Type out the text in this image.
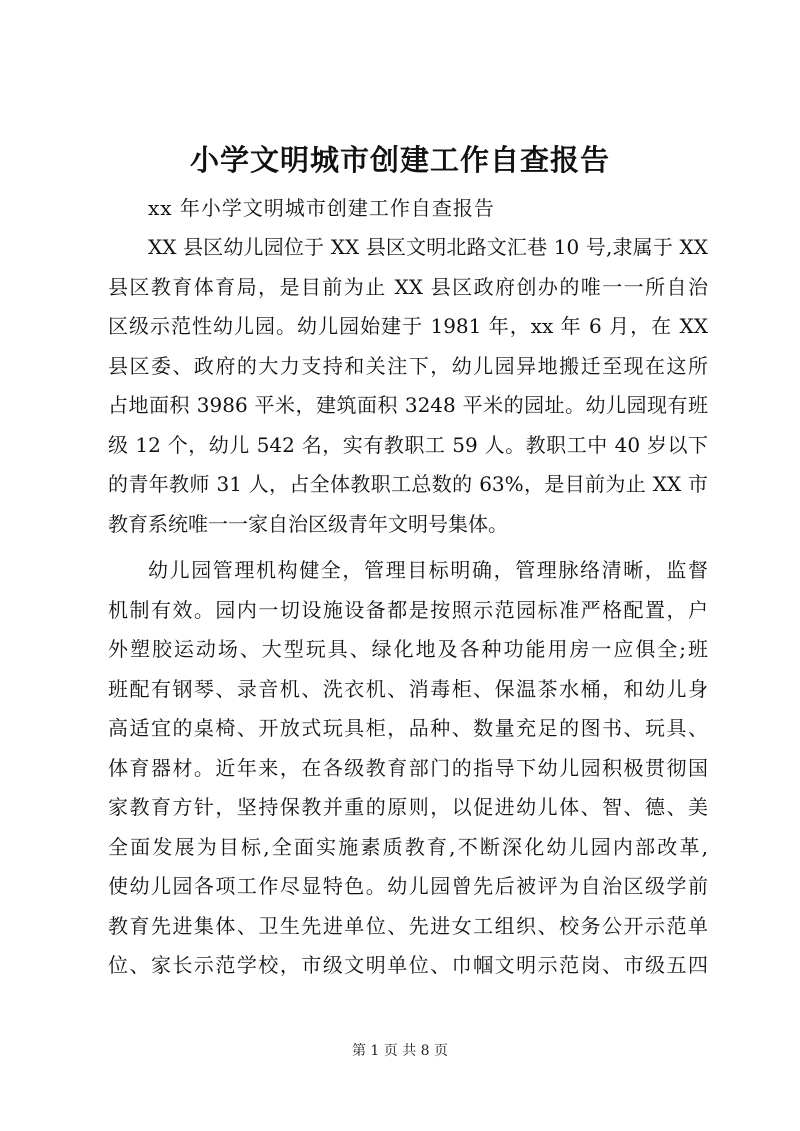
小学文明城市创建工作自查报告
xx 年小学文明城市创建工作自查报告
XX 县区幼儿园位于 XX 县区文明北路文汇巷 10 号,隶属于 XX
县区教育体育局，是目前为止 XX 县区政府创办的唯一一所自治
区级示范性幼儿园。幼儿园始建于 1981 年，xx 年 6 月，在 XX
县区委、政府的大力支持和关注下，幼儿园异地搬迁至现在这所
占地面积 3986 平米，建筑面积 3248 平米的园址。幼儿园现有班
级 12 个，幼儿 542 名，实有教职工 59 人。教职工中 40 岁以下
的青年教师 31 人，占全体教职工总数的 63%，是目前为止 XX 市
教育系统唯一一家自治区级青年文明号集体。
幼儿园管理机构健全，管理目标明确，管理脉络清晰，监督
机制有效。园内一切设施设备都是按照示范园标准严格配置，户
外塑胶运动场、大型玩具、绿化地及各种功能用房一应俱全;班
班配有钢琴、录音机、洗衣机、消毒柜、保温茶水桶，和幼儿身
高适宜的桌椅、开放式玩具柜，品种、数量充足的图书、玩具、
体育器材。近年来，在各级教育部门的指导下幼儿园积极贯彻国
家教育方针，坚持保教并重的原则，以促进幼儿体、智、德、美
全面发展为目标,全面实施素质教育,不断深化幼儿园内部改革,
使幼儿园各项工作尽显特色。幼儿园曾先后被评为自治区级学前
教育先进集体、卫生先进单位、先进女工组织、校务公开示范单
位、家长示范学校，市级文明单位、巾帼文明示范岗、市级五四
第 1 页 共 8 页
